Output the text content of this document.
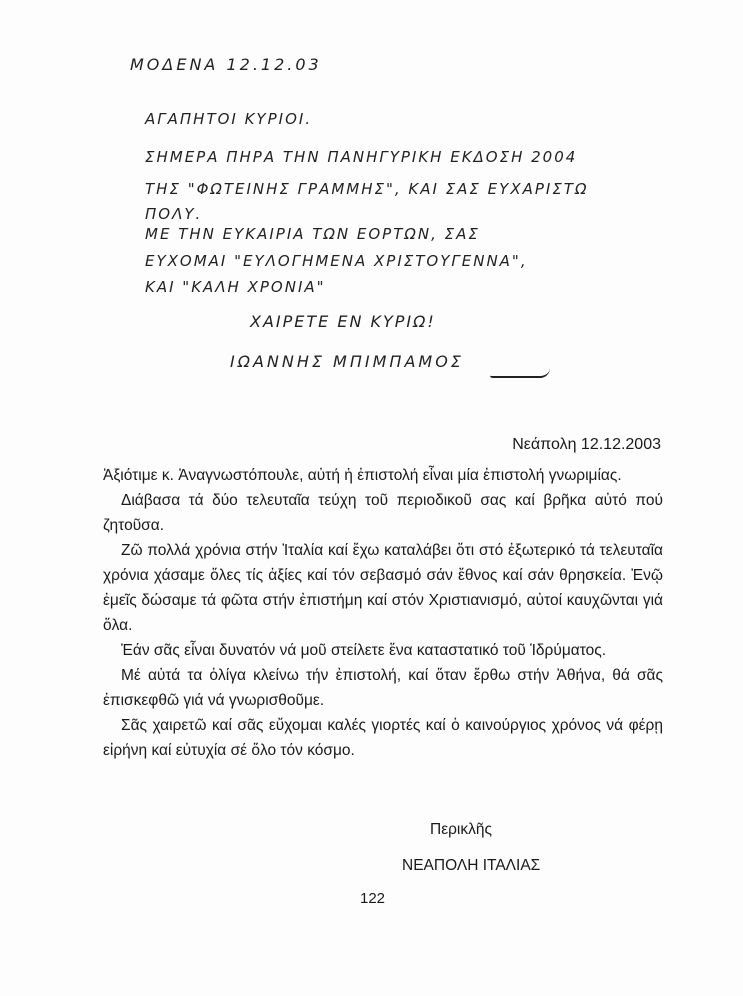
ΜΟΔΕΝΑ 12.12.03
ΑΓΑΠΗΤΟΙ ΚΥΡΙΟΙ.
ΣΗΜΕΡΑ ΠΗΡΑ ΤΗΝ ΠΑΝΗΓΥΡΙΚΗ ΕΚΔΟΣΗ 2004
ΤΗΣ "ΦΩΤΕΙΝΗΣ ΓΡΑΜΜΗΣ", ΚΑΙ ΣΑΣ ΕΥΧΑΡΙΣΤΩ
ΠΟΛΥ.
ΜΕ ΤΗΝ ΕΥΚΑΙΡΙΑ ΤΩΝ ΕΟΡΤΩΝ, ΣΑΣ
ΕΥΧΟΜΑΙ "ΕΥΛΟΓΗΜΕΝΑ ΧΡΙΣΤΟΥΓΕΝΝΑ",
ΚΑΙ "ΚΑΛΗ ΧΡΟΝΙΑ"
ΧΑΙΡΕΤΕ ΕΝ ΚΥΡΙΩ!
ΙΩΑΝΝΗΣ ΜΠΙΜΠΑΜΟΣ
Νεάπολη 12.12.2003

Ἀξιότιμε κ. Ἀναγνωστόπουλε, αὐτή ἡ ἐπιστολή εἶναι μία ἐπιστολή γνωριμίας.

Διάβασα τά δύο τελευταῖα τεύχη τοῦ περιοδικοῦ σας καί βρῆκα αὐτό πού ζητοῦσα.

Ζῶ πολλά χρόνια στήν Ἰταλία καί ἔχω καταλάβει ὅτι στό ἐξωτερικό τά τελευταῖα χρόνια χάσαμε ὅλες τίς ἀξίες καί τόν σεβασμό σάν ἔθνος καί σάν θρησκεία. Ἐνῷ ἐμεῖς δώσαμε τά φῶτα στήν ἐπιστήμη καί στόν Χριστιανισμό, αὐτοί καυχῶνται γιά ὅλα.

Ἐάν σᾶς εἶναι δυνατόν νά μοῦ στείλετε ἕνα καταστατικό τοῦ Ἱδρύματος.

Μέ αὐτά τα ὀλίγα κλείνω τήν ἐπιστολή, καί ὅταν ἔρθω στήν Ἀθήνα, θά σᾶς ἐπισκεφθῶ γιά νά γνωρισθοῦμε.

Σᾶς χαιρετῶ καί σᾶς εὔχομαι καλές γιορτές καί ὁ καινούργιος χρόνος νά φέρῃ εἰρήνη καί εὐτυχία σέ ὅλο τόν κόσμο.

Περικλῆς
ΝΕΑΠΟΛΗ ΙΤΑΛΙΑΣ
122
